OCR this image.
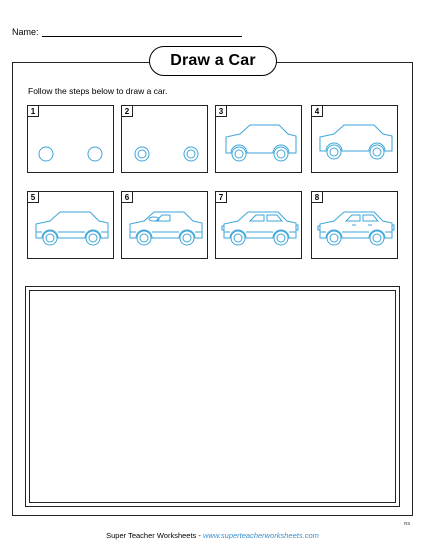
Name:
Draw a Car
Follow the steps below to draw a car.
1	2	3	4
5	6	7	8
RS
Super Teacher Worksheets - www.superteacherworksheets.com
